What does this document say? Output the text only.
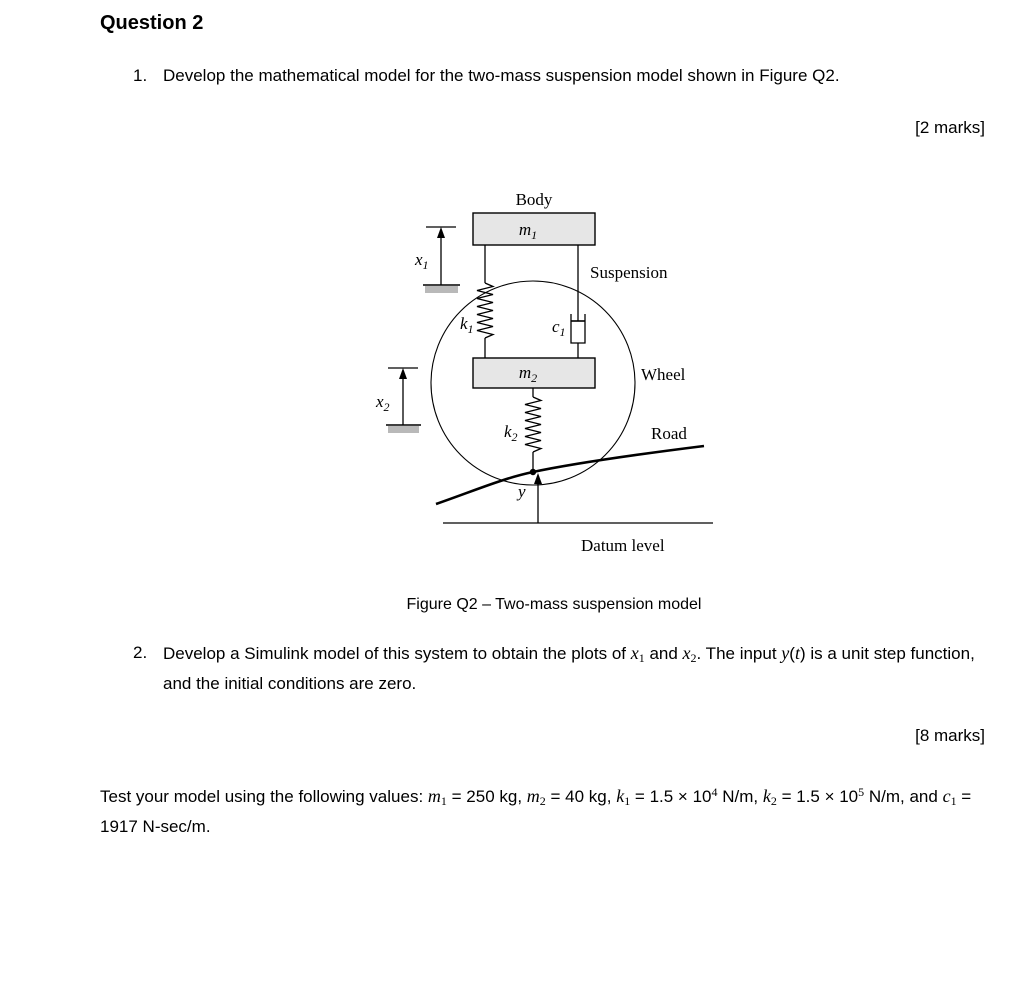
Question 2
1. Develop the mathematical model for the two-mass suspension model shown in Figure Q2.
[2 marks]
Body
Suspension
Wheel
Road
Datum level
$m_1$
$m_2$
$k_1$	$c_1$
$k_2$
$x_1$
$x_2$
y
Figure Q2 – Two-mass suspension model
2. Develop a Simulink model of this system to obtain the plots of $x_1$ and $x_2$. The input y(t) is a unit step function, and the initial conditions are zero.
[8 marks]

Test your model using the following values: $m_1 = 250$ kg, $m_2 = 40$ kg, $k_1 = 1.5 \times 10^4$ N/m, $k_2 = 1.5 \times 10^5$ N/m, and $c_1 = 1917$ N-sec/m.
